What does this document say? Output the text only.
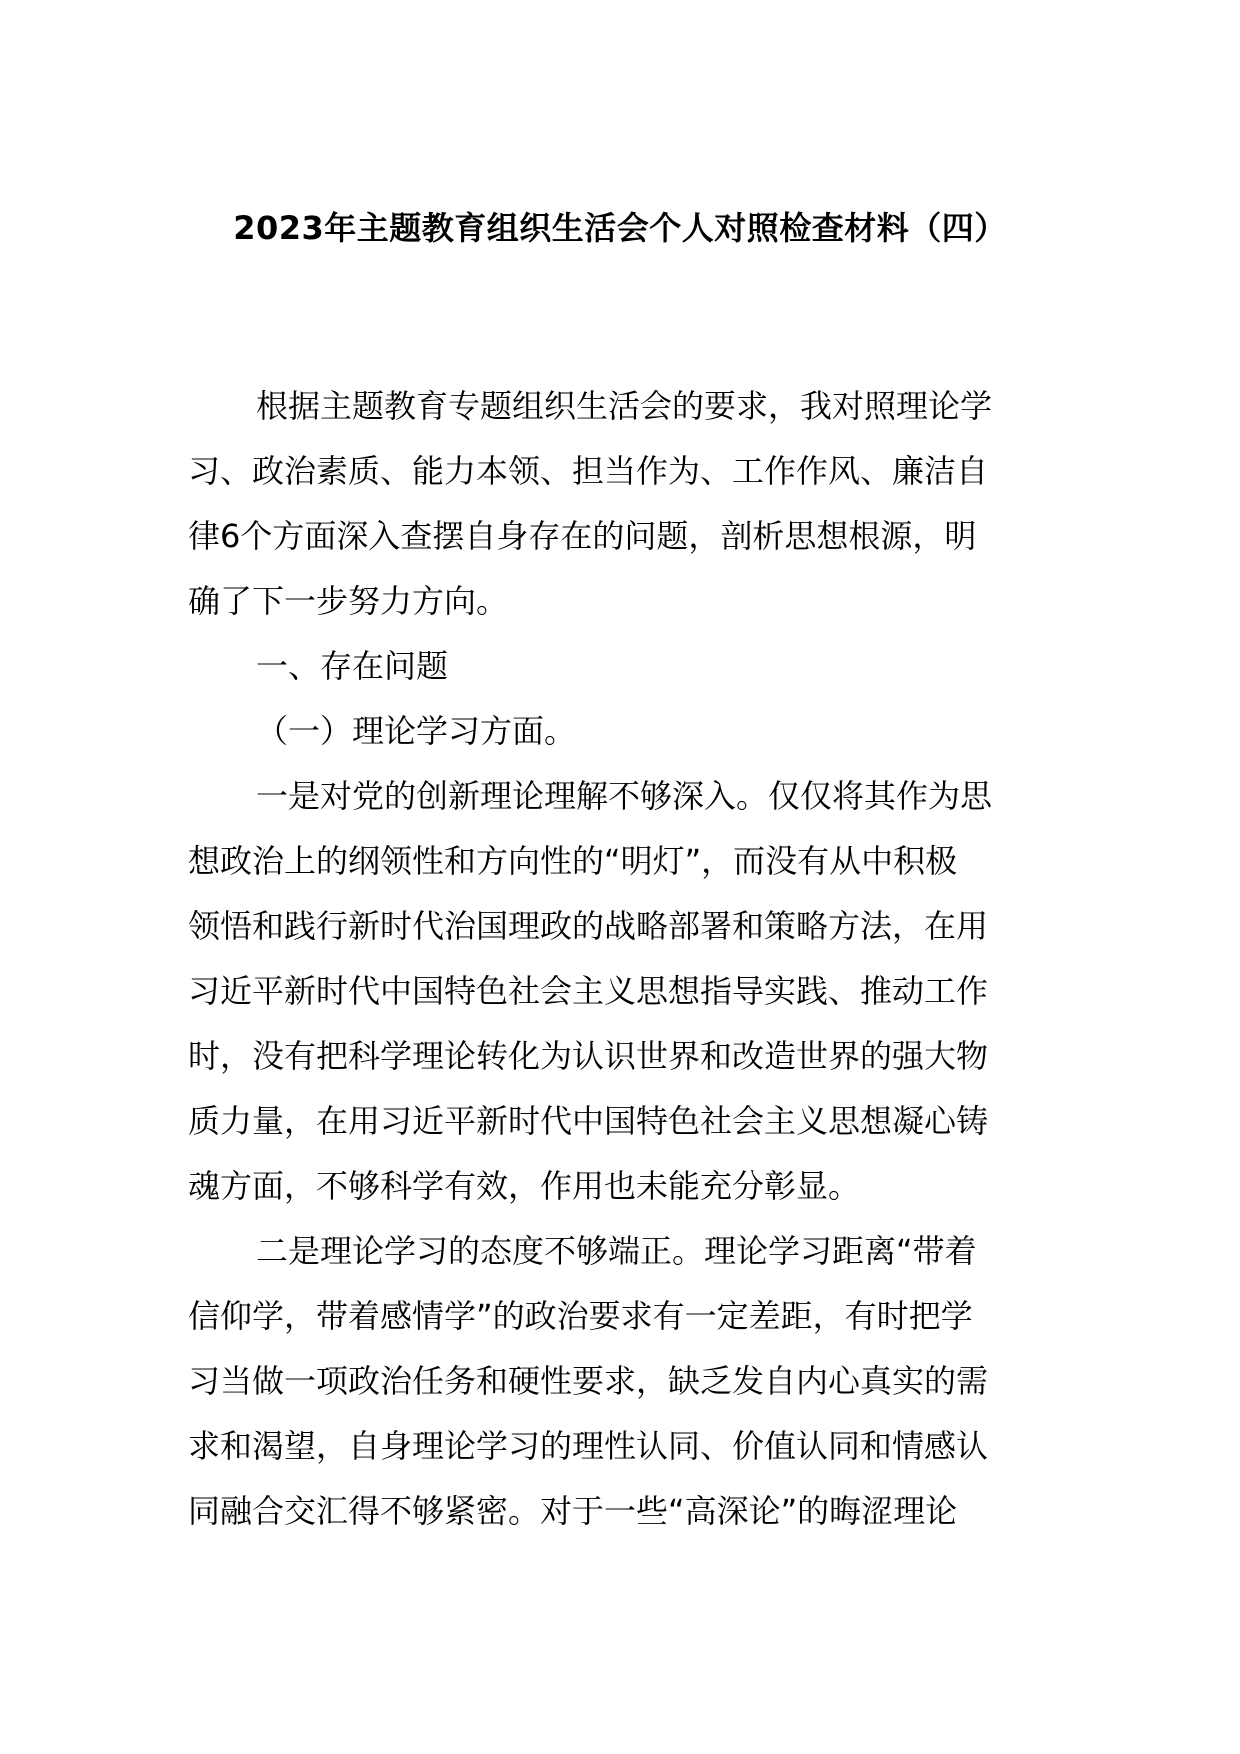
2023年主题教育组织生活会个人对照检查材料（四）

根据主题教育专题组织生活会的要求，我对照理论学

习、政治素质、能力本领、担当作为、工作作风、廉洁自

律6个方面深入查摆自身存在的问题，剖析思想根源，明

确了下一步努力方向。

一、存在问题

（一）理论学习方面。

一是对党的创新理论理解不够深入。仅仅将其作为思

想政治上的纲领性和方向性的“明灯”，而没有从中积极

领悟和践行新时代治国理政的战略部署和策略方法，在用

习近平新时代中国特色社会主义思想指导实践、推动工作

时，没有把科学理论转化为认识世界和改造世界的强大物

质力量，在用习近平新时代中国特色社会主义思想凝心铸

魂方面，不够科学有效，作用也未能充分彰显。

二是理论学习的态度不够端正。理论学习距离“带着

信仰学，带着感情学”的政治要求有一定差距，有时把学

习当做一项政治任务和硬性要求，缺乏发自内心真实的需

求和渴望，自身理论学习的理性认同、价值认同和情感认

同融合交汇得不够紧密。对于一些“高深论”的晦涩理论
